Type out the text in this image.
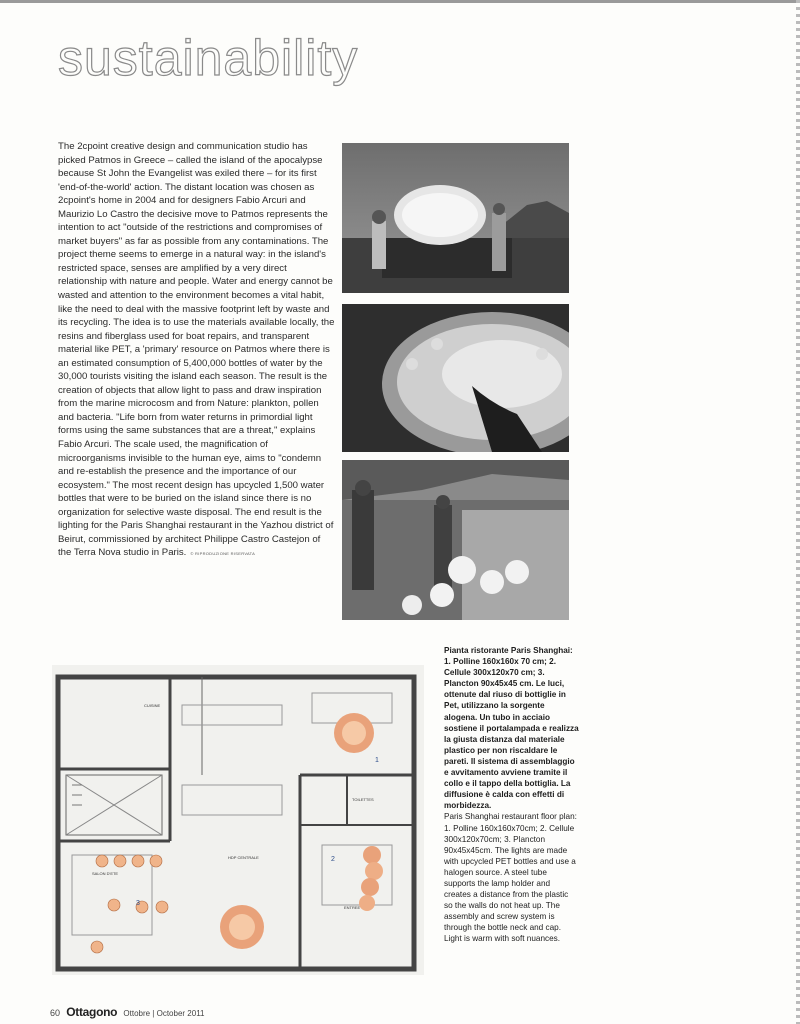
sustainability

The 2cpoint creative design and communication studio has picked Patmos in Greece – called the island of the apocalypse because St John the Evangelist was exiled there – for its first 'end-of-the-world' action. The distant location was chosen as 2cpoint's home in 2004 and for designers Fabio Arcuri and Maurizio Lo Castro the decisive move to Patmos represents the intention to act "outside of the restrictions and compromises of market buyers" as far as possible from any contaminations. The project theme seems to emerge in a natural way: in the island's restricted space, senses are amplified by a very direct relationship with nature and people. Water and energy cannot be wasted and attention to the environment becomes a vital habit, like the need to deal with the massive footprint left by waste and its recycling. The idea is to use the materials available locally, the resins and fiberglass used for boat repairs, and transparent material like PET, a 'primary' resource on Patmos where there is an estimated consumption of 5,400,000 bottles of water by the 30,000 tourists visiting the island each season. The result is the creation of objects that allow light to pass and draw inspiration from the marine microcosm and from Nature: plankton, pollen and bacteria. "Life born from water returns in primordial light forms using the same substances that are a threat," explains Fabio Arcuri. The scale used, the magnification of microorganisms invisible to the human eye, aims to "condemn and re-establish the presence and the importance of our ecosystem." The most recent design has upcycled 1,500 water bottles that were to be buried on the island since there is no organization for selective waste disposal. The end result is the lighting for the Paris Shanghai restaurant in the Yazhou district of Beirut, commissioned by architect Philippe Castro Castejon of the Terra Nova studio in Paris. © RIPRODUZIONE RISERVATA

CUISINE
SALON D'ETE
HDP CENTRALE
TOILETTES
ENTREE
1
2
3

Pianta ristorante Paris Shanghai: 1. Polline 160x160x 70 cm; 2. Cellule 300x120x70 cm; 3. Plancton 90x45x45 cm. Le luci, ottenute dal riuso di bottiglie in Pet, utilizzano la sorgente alogena. Un tubo in acciaio sostiene il portalampada e realizza la giusta distanza dal materiale plastico per non riscaldare le pareti. Il sistema di assemblaggio e avvitamento avviene tramite il collo e il tappo della bottiglia. La diffusione è calda con effetti di morbidezza.
Paris Shanghai restaurant floor plan: 1. Polline 160x160x70cm; 2. Cellule 300x120x70cm; 3. Plancton 90x45x45cm. The lights are made with upcycled PET bottles and use a halogen source. A steel tube supports the lamp holder and creates a distance from the plastic so the walls do not heat up. The assembly and screw system is through the bottle neck and cap. Light is warm with soft nuances.

60 Ottagono Ottobre | October 2011
